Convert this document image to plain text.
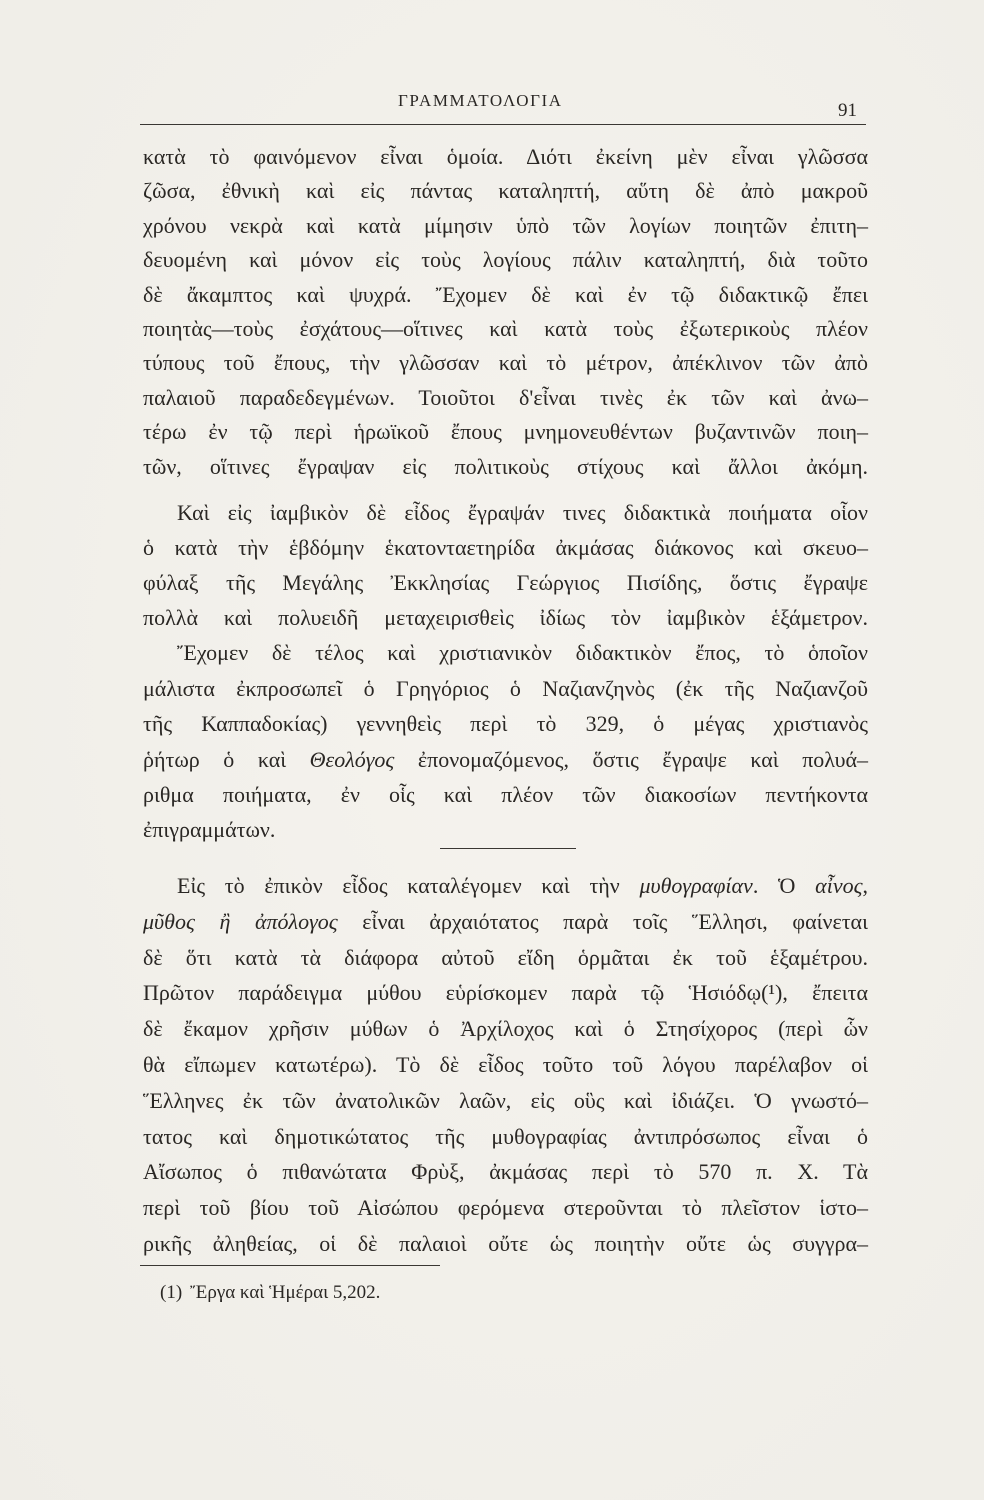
ΓΡΑΜΜΑΤΟΛΟΓΙΑ	91
κατὰ τὸ φαινόμενον εἶναι ὁμοία. Διότι ἐκείνη μὲν εἶναι γλῶσσα
ζῶσα, ἐθνικὴ καὶ εἰς πάντας καταληπτή, αὕτη δὲ ἀπὸ μακροῦ
χρόνου νεκρὰ καὶ κατὰ μίμησιν ὑπὸ τῶν λογίων ποιητῶν ἐπιτη–
δευομένη καὶ μόνον εἰς τοὺς λογίους πάλιν καταληπτή, διὰ τοῦτο
δὲ ἄκαμπτος καὶ ψυχρά. Ἔχομεν δὲ καὶ ἐν τῷ διδακτικῷ ἔπει
ποιητὰς—τοὺς ἐσχάτους—οἵτινες καὶ κατὰ τοὺς ἐξωτερικοὺς πλέον
τύπους τοῦ ἔπους, τὴν γλῶσσαν καὶ τὸ μέτρον, ἀπέκλινον τῶν ἀπὸ
παλαιοῦ παραδεδεγμένων. Τοιοῦτοι δ'εἶναι τινὲς ἐκ τῶν καὶ ἀνω–
τέρω ἐν τῷ περὶ ἡρωϊκοῦ ἔπους μνημονευθέντων βυζαντινῶν ποιη–
τῶν, οἵτινες ἔγραψαν εἰς πολιτικοὺς στίχους καὶ ἄλλοι ἀκόμη.
Καὶ εἰς ἰαμβικὸν δὲ εἶδος ἔγραψάν τινες διδακτικὰ ποιήματα οἷον
ὁ κατὰ τὴν ἑβδόμην ἑκατονταετηρίδα ἀκμάσας διάκονος καὶ σκευο–
φύλαξ τῆς Μεγάλης Ἐκκλησίας Γεώργιος Πισίδης, ὅστις ἔγραψε
πολλὰ καὶ πολυειδῆ μεταχειρισθεὶς ἰδίως τὸν ἰαμβικὸν ἑξάμετρον.
Ἔχομεν δὲ τέλος καὶ χριστιανικὸν διδακτικὸν ἔπος, τὸ ὁποῖον
μάλιστα ἐκπροσωπεῖ ὁ Γρηγόριος ὁ Ναζιανζηνὸς (ἐκ τῆς Ναζιανζοῦ
τῆς Καππαδοκίας) γεννηθεὶς περὶ τὸ 329, ὁ μέγας χριστιανὸς
ῥήτωρ ὁ καὶ Θεολόγος ἐπονομαζόμενος, ὅστις ἔγραψε καὶ πολυά–
ριθμα ποιήματα, ἐν οἷς καὶ πλέον τῶν διακοσίων πεντήκοντα
ἐπιγραμμάτων.
Εἰς τὸ ἐπικὸν εἶδος καταλέγομεν καὶ τὴν μυθογραφίαν. Ὁ αἶνος,
μῦθος ἢ ἀπόλογος εἶναι ἀρχαιότατος παρὰ τοῖς Ἕλλησι, φαίνεται
δὲ ὅτι κατὰ τὰ διάφορα αὐτοῦ εἴδη ὁρμᾶται ἐκ τοῦ ἑξαμέτρου.
Πρῶτον παράδειγμα μύθου εὑρίσκομεν παρὰ τῷ Ἡσιόδῳ(¹), ἔπειτα
δὲ ἔκαμον χρῆσιν μύθων ὁ Ἀρχίλοχος καὶ ὁ Στησίχορος (περὶ ὧν
θὰ εἴπωμεν κατωτέρω). Τὸ δὲ εἶδος τοῦτο τοῦ λόγου παρέλαβον οἱ
Ἕλληνες ἐκ τῶν ἀνατολικῶν λαῶν, εἰς οὓς καὶ ἰδιάζει. Ὁ γνωστό–
τατος καὶ δημοτικώτατος τῆς μυθογραφίας ἀντιπρόσωπος εἶναι ὁ
Αἴσωπος ὁ πιθανώτατα Φρὺξ, ἀκμάσας περὶ τὸ 570 π. Χ. Τὰ
περὶ τοῦ βίου τοῦ Αἰσώπου φερόμενα στεροῦνται τὸ πλεῖστον ἱστο–
ρικῆς ἀληθείας, οἱ δὲ παλαιοὶ οὔτε ὡς ποιητὴν οὔτε ὡς συγγρα–
(1) Ἔργα καὶ Ἡμέραι 5,202.
